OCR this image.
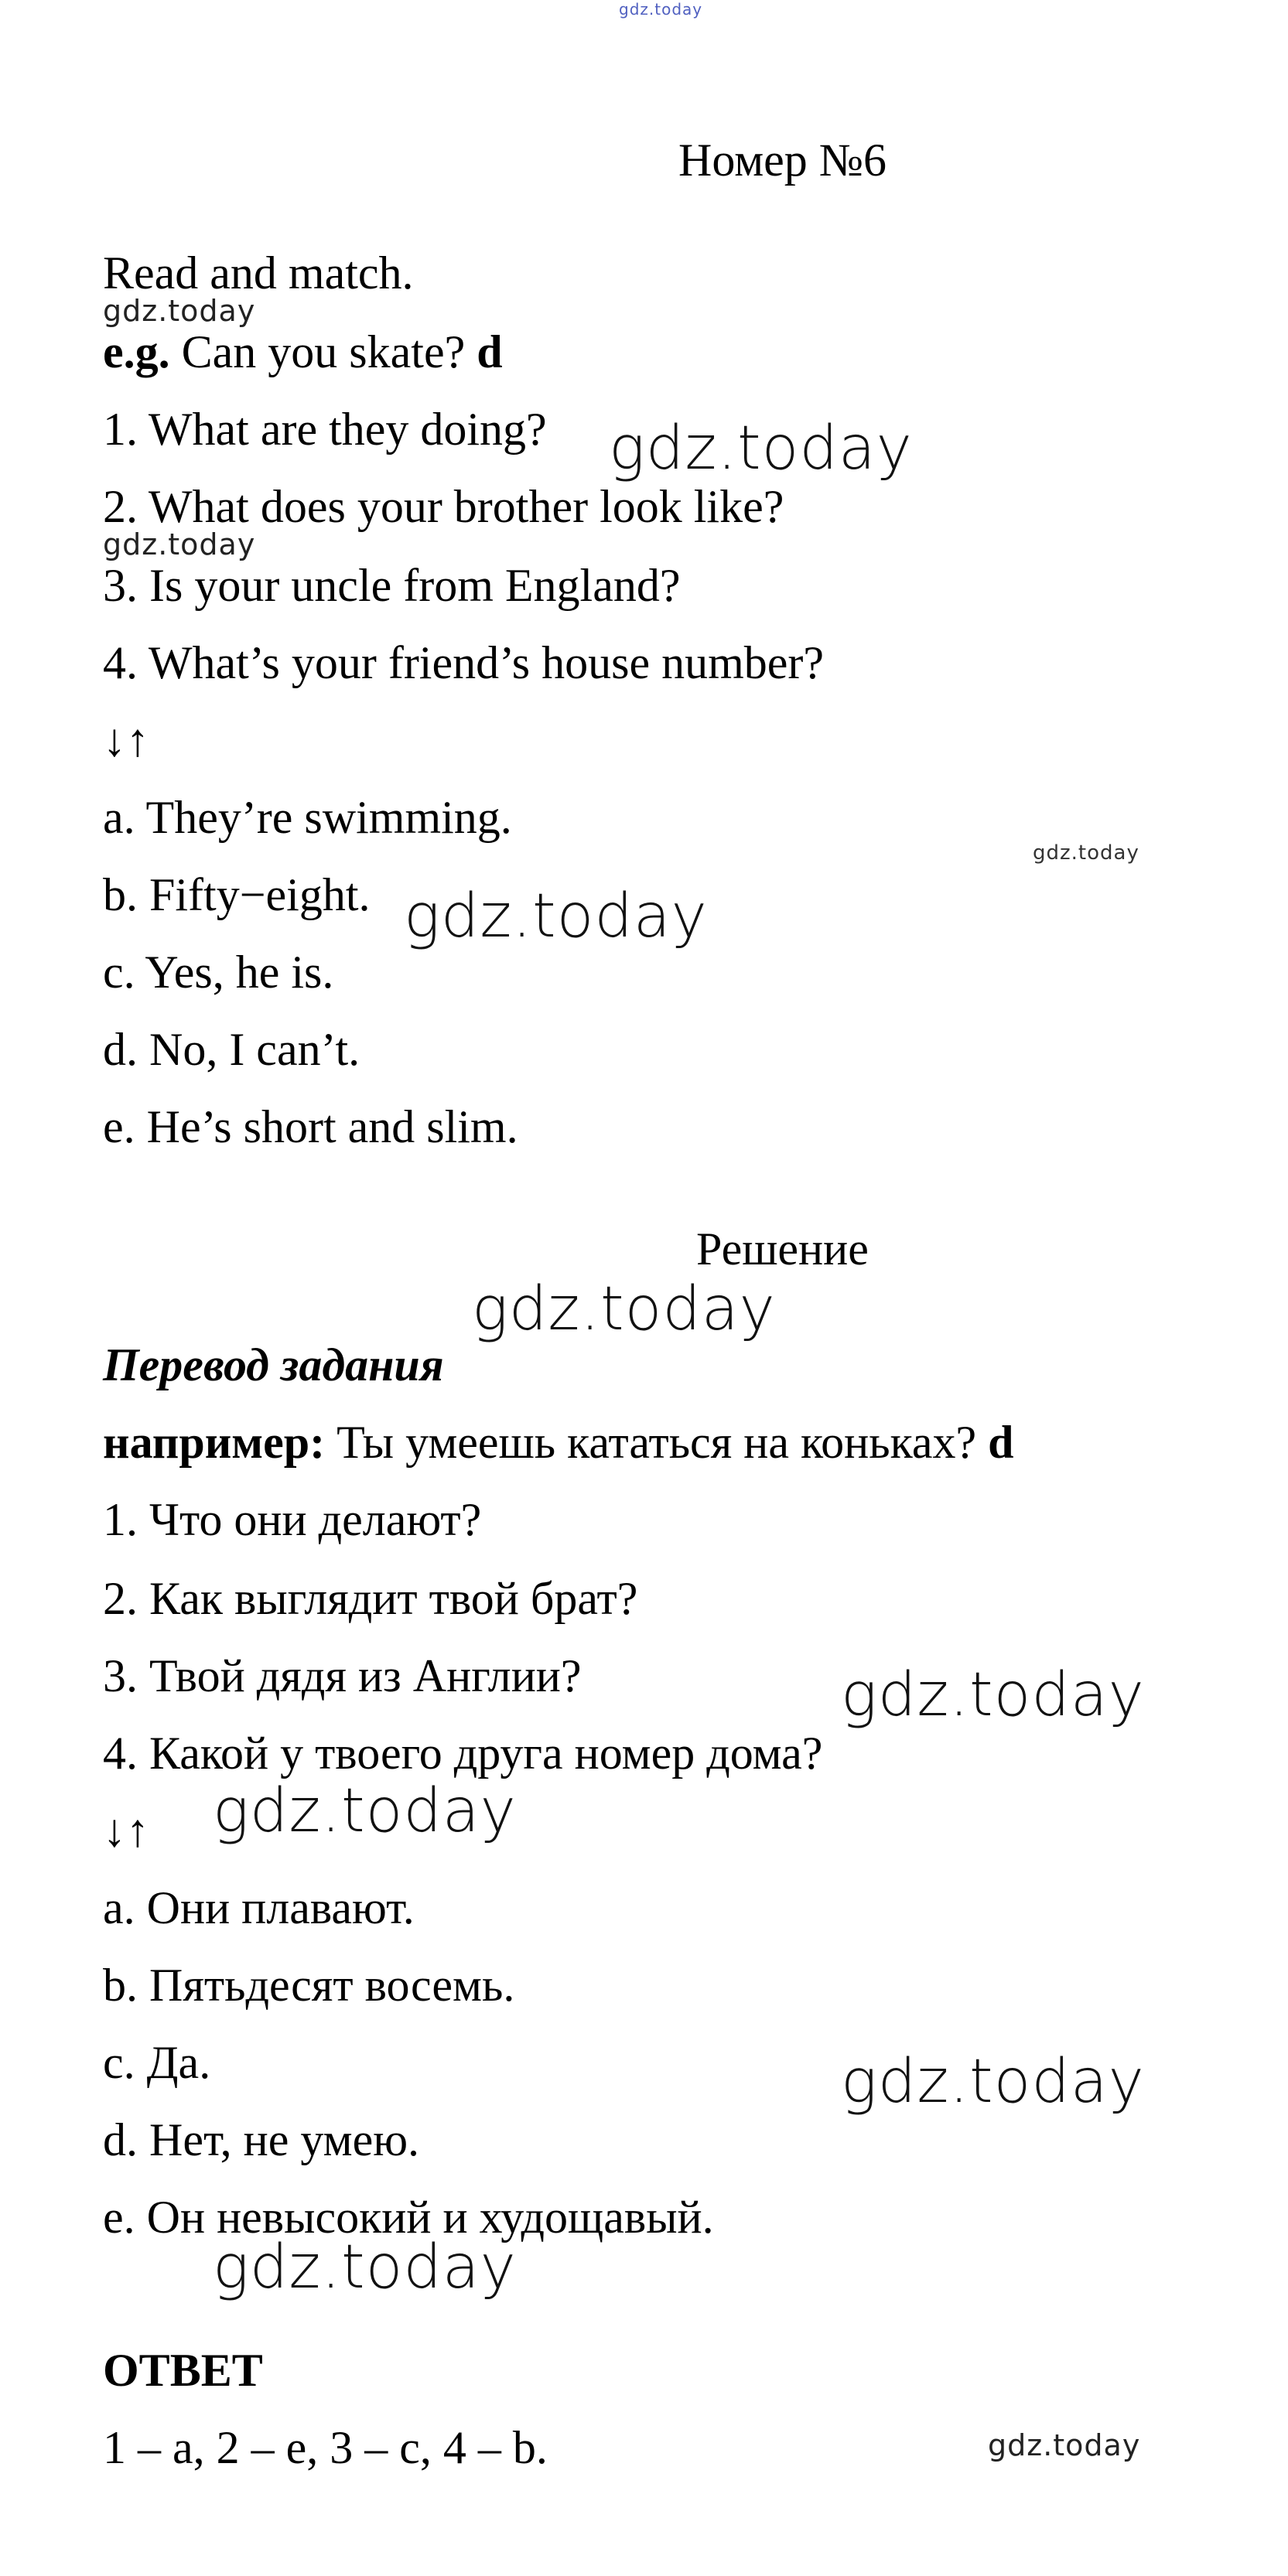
gdz.today
Номер №6
Read and match.
gdz.today
e.g. Can you skate? d
1. What are they doing? gdz.today
2. What does your brother look like?
gdz.today
3. Is your uncle from England?
4. What’s your friend’s house number?
↓↑
a. They’re swimming.
gdz.today
b. Fifty−eight. gdz.today
c. Yes, he is.
d. No, I can’t.
e. He’s short and slim.
Решение
gdz.today
Перевод задания
например: Ты умеешь кататься на коньках? d
1. Что они делают?
2. Как выглядит твой брат?
3. Твой дядя из Англии?	gdz.today
4. Какой у твоего друга номер дома?
↓↑ gdz.today
a. Они плавают.
b. Пятьдесят восемь.
c. Да.	gdz.today
d. Нет, не умею.
e. Он невысокий и худощавый.
gdz.today
ОТВЕТ
1 – a, 2 – e, 3 – c, 4 – b.	gdz.today
